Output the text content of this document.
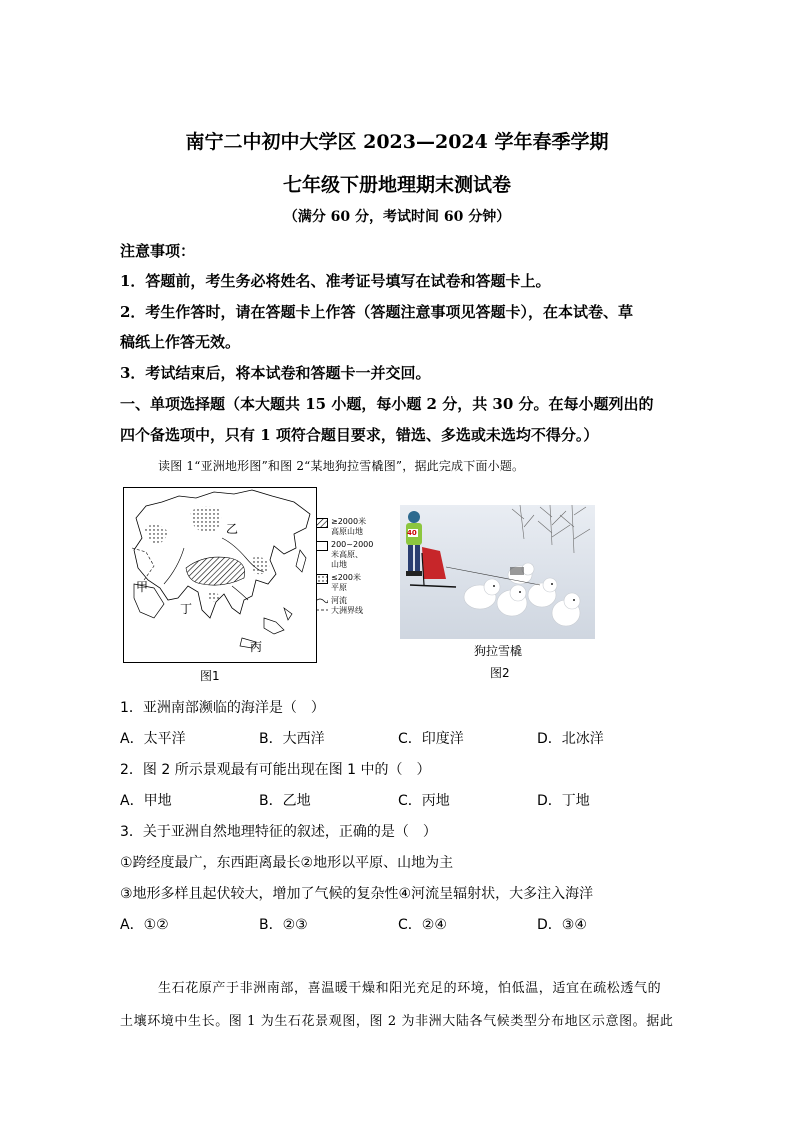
南宁二中初中大学区 2023—2024 学年春季学期
七年级下册地理期末测试卷
（满分 60 分，考试时间 60 分钟）
注意事项：
1．答题前，考生务必将姓名、准考证号填写在试卷和答题卡上。
2．考生作答时，请在答题卡上作答（答题注意事项见答题卡），在本试卷、草
稿纸上作答无效。
3．考试结束后，将本试卷和答题卡一并交回。
一、单项选择题（本大题共 15 小题，每小题 2 分，共 30 分。在每小题列出的
四个备选项中，只有 1 项符合题目要求，错选、多选或未选均不得分。）
读图 1“亚洲地形图”和图 2“某地狗拉雪橇图”，据此完成下面小题。
乙
甲
丁
丙
≥2000米高原山地
200~2000米高原、山地
≤200米平原
河流
大洲界线
图1
40
狗拉雪橇
图2
1．亚洲南部濒临的海洋是（　）
A．太平洋	B．大西洋	C．印度洋	D．北冰洋
2．图 2 所示景观最有可能出现在图 1 中的（　）
A．甲地	B．乙地	C．丙地	D．丁地
3．关于亚洲自然地理特征的叙述，正确的是（　）
①跨经度最广，东西距离最长②地形以平原、山地为主
③地形多样且起伏较大，增加了气候的复杂性④河流呈辐射状，大多注入海洋
A．①②	B．②③	C．②④	D．③④
生石花原产于非洲南部，喜温暖干燥和阳光充足的环境，怕低温，适宜在疏松透气的
土壤环境中生长。图 1 为生石花景观图，图 2 为非洲大陆各气候类型分布地区示意图。据此
